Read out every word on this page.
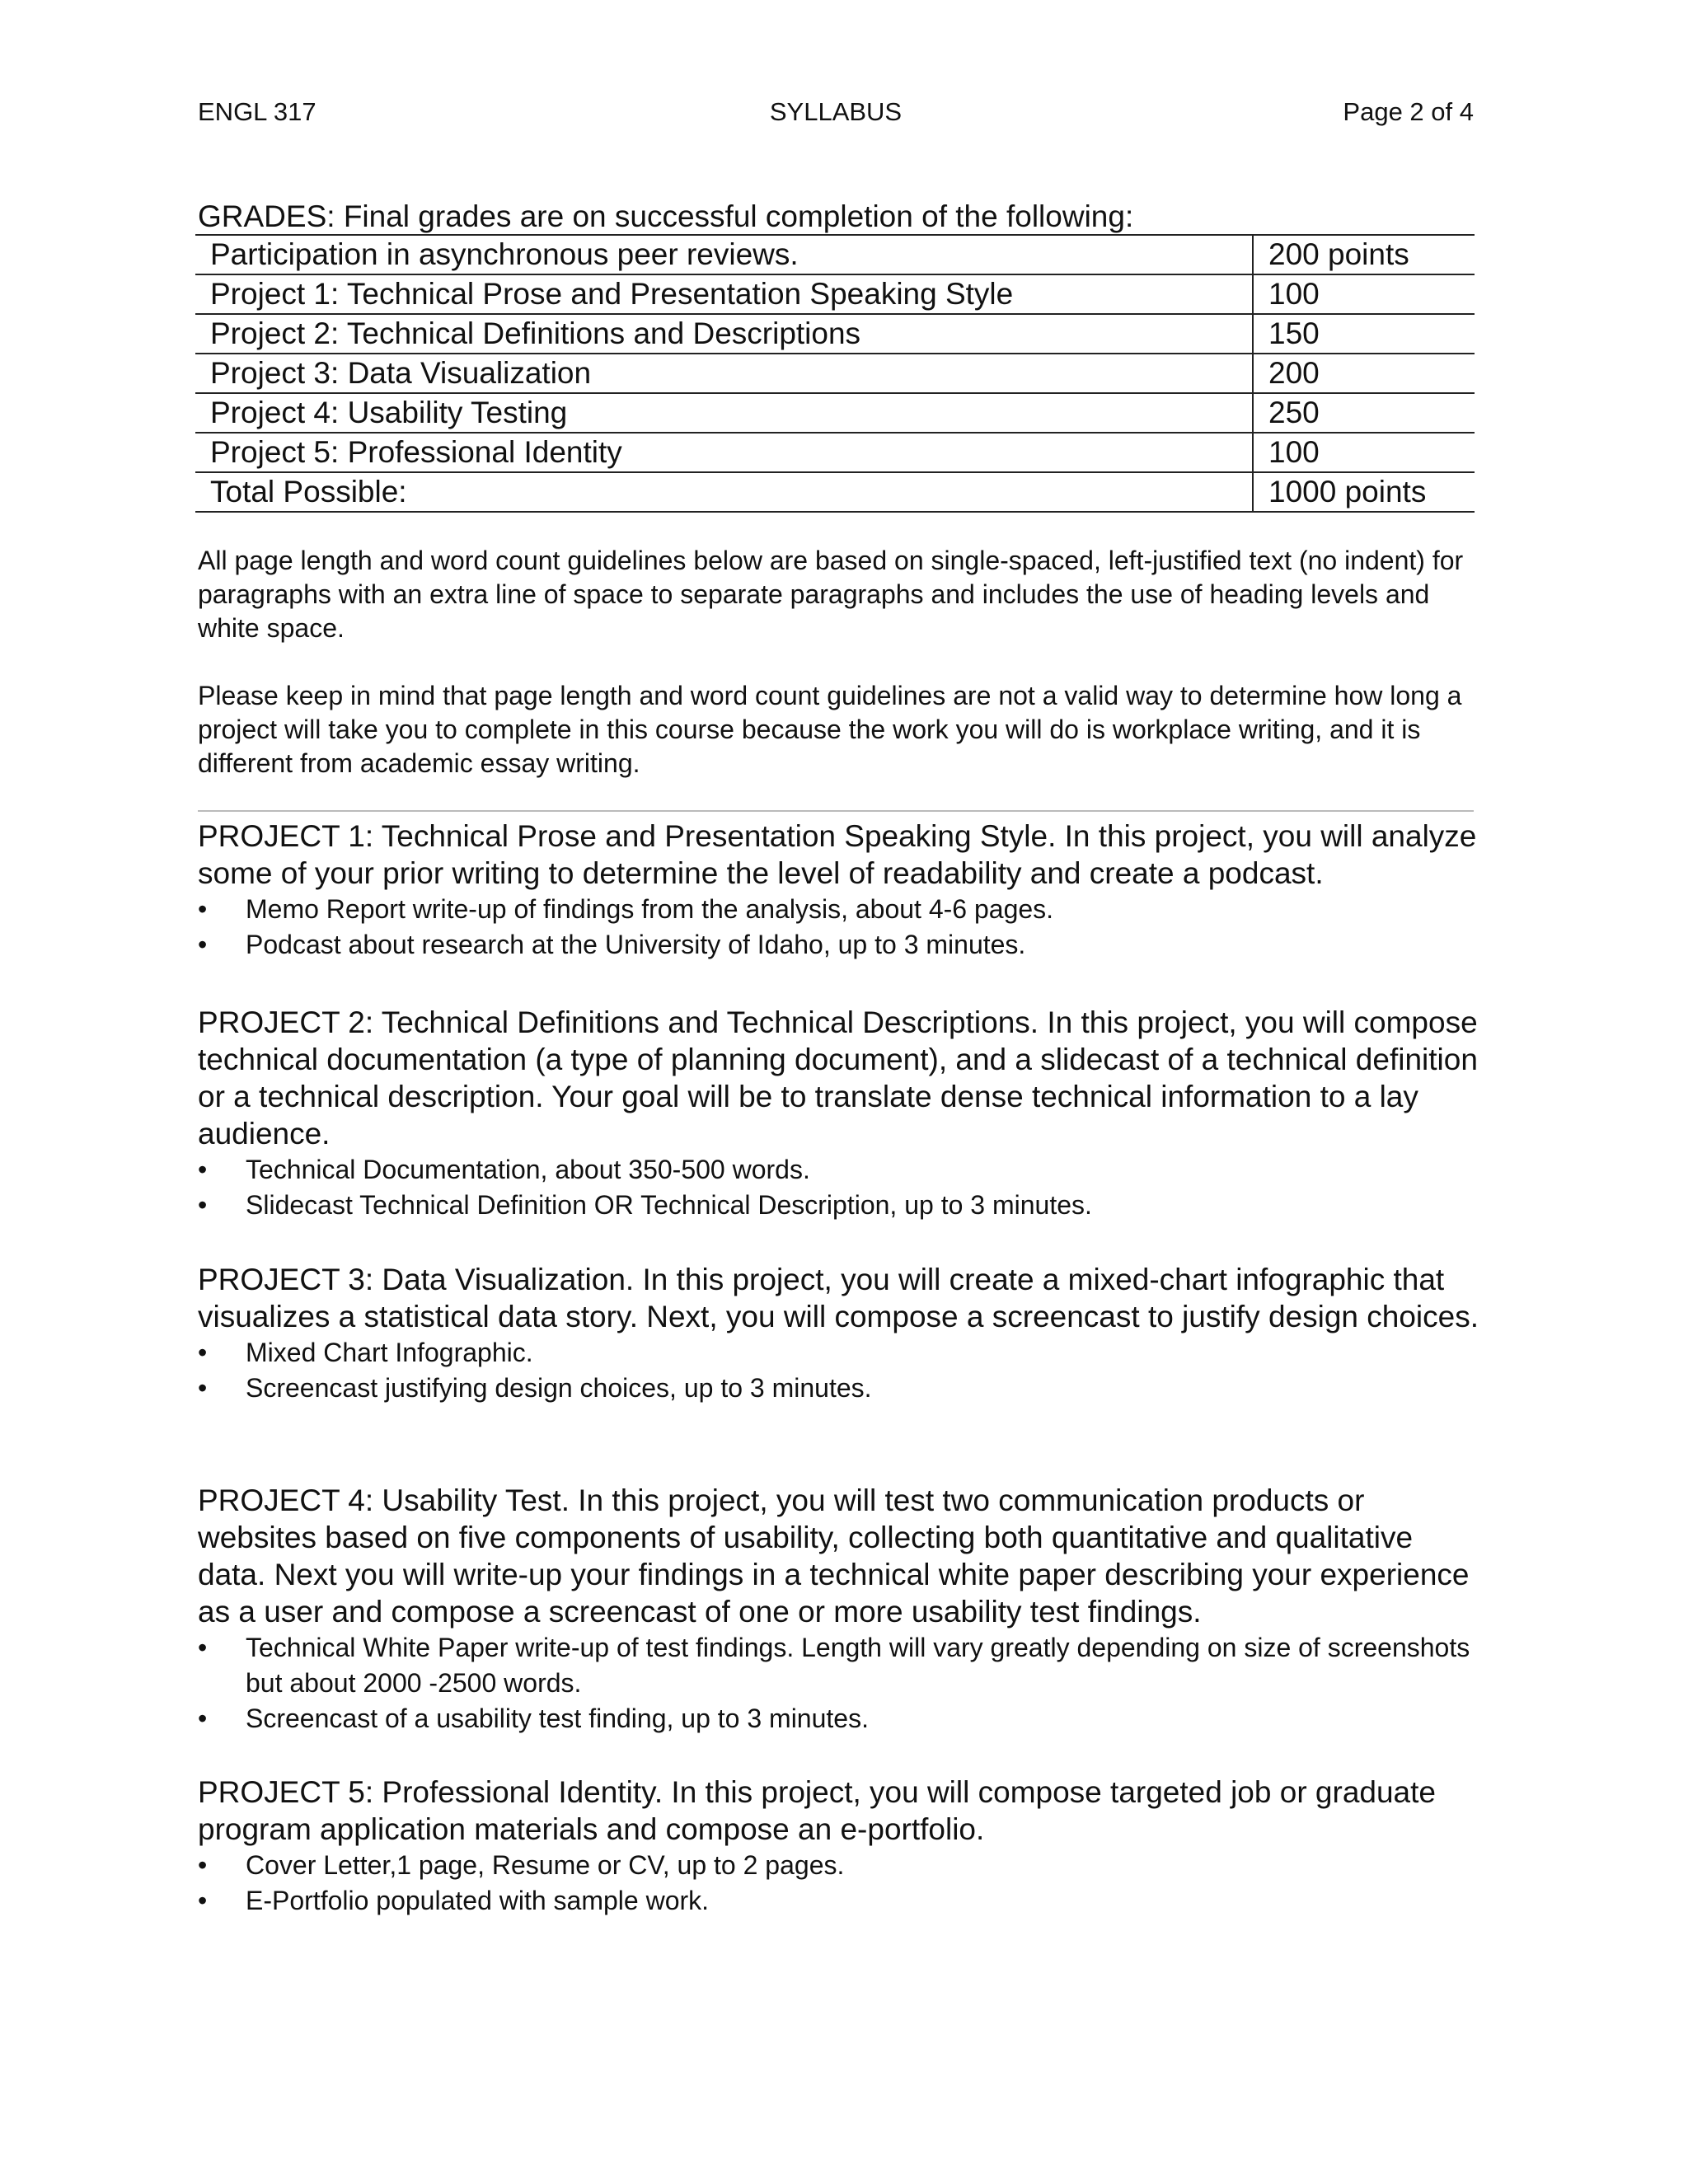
ENGL 317	SYLLABUS	Page 2 of 4
GRADES: Final grades are on successful completion of the following:
Participation in asynchronous peer reviews.	200 points
Project 1: Technical Prose and Presentation Speaking Style	100
Project 2: Technical Definitions and Descriptions	150
Project 3: Data Visualization	200
Project 4: Usability Testing	250
Project 5: Professional Identity	100
Total Possible:	1000 points

All page length and word count guidelines below are based on single-spaced, left-justified text (no indent) for paragraphs with an extra line of space to separate paragraphs and includes the use of heading levels and white space.

Please keep in mind that page length and word count guidelines are not a valid way to determine how long a project will take you to complete in this course because the work you will do is workplace writing, and it is different from academic essay writing.

PROJECT 1: Technical Prose and Presentation Speaking Style. In this project, you will analyze some of your prior writing to determine the level of readability and create a podcast.

•	Memo Report write-up of findings from the analysis, about 4-6 pages.
•	Podcast about research at the University of Idaho, up to 3 minutes.

PROJECT 2: Technical Definitions and Technical Descriptions. In this project, you will compose technical documentation (a type of planning document), and a slidecast of a technical definition or a technical description. Your goal will be to translate dense technical information to a lay audience.

•	Technical Documentation, about 350-500 words.
•	Slidecast Technical Definition OR Technical Description, up to 3 minutes.

PROJECT 3: Data Visualization. In this project, you will create a mixed-chart infographic that visualizes a statistical data story. Next, you will compose a screencast to justify design choices.

•	Mixed Chart Infographic.
•	Screencast justifying design choices, up to 3 minutes.

PROJECT 4: Usability Test. In this project, you will test two communication products or websites based on five components of usability, collecting both quantitative and qualitative data. Next you will write-up your findings in a technical white paper describing your experience as a user and compose a screencast of one or more usability test findings.

•	Technical White Paper write-up of test findings. Length will vary greatly depending on size of screenshots but about 2000 -2500 words.
•	Screencast of a usability test finding, up to 3 minutes.

PROJECT 5: Professional Identity. In this project, you will compose targeted job or graduate program application materials and compose an e-portfolio.

•	Cover Letter,1 page, Resume or CV, up to 2 pages.
•	E-Portfolio populated with sample work.
